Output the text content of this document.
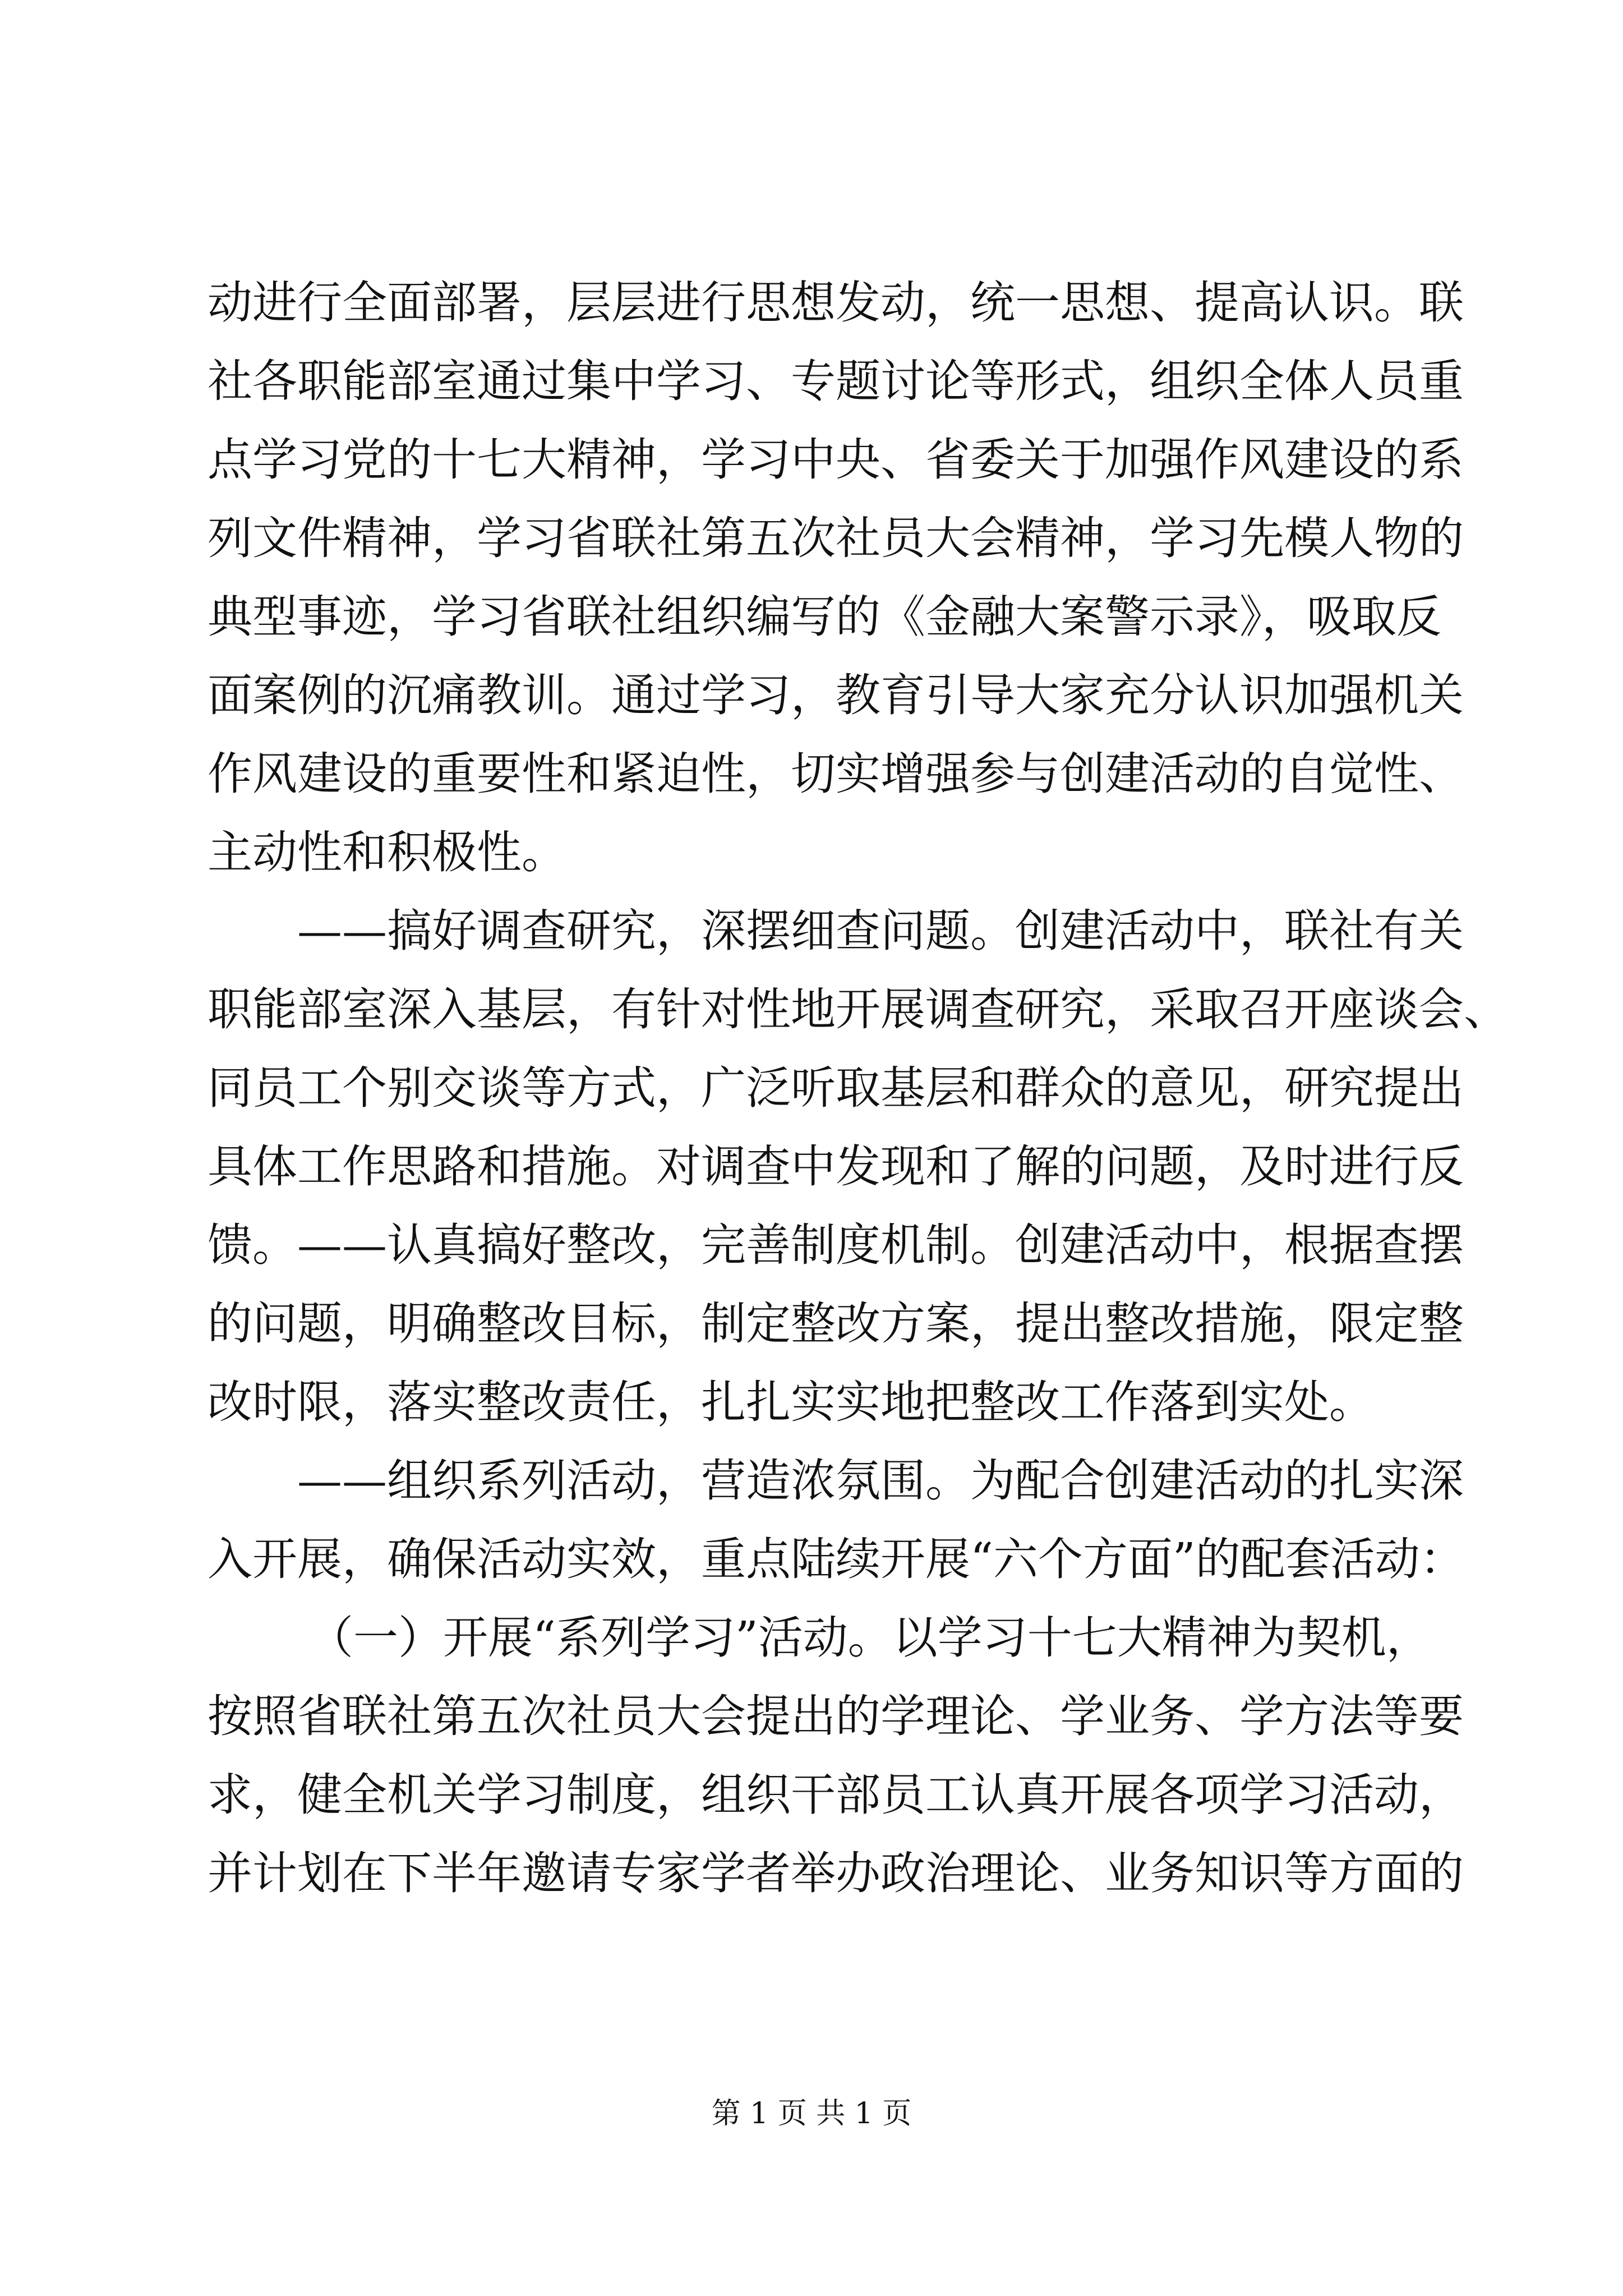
动进行全面部署，层层进行思想发动，统一思想、提高认识。联
社各职能部室通过集中学习、专题讨论等形式，组织全体人员重
点学习党的十七大精神，学习中央、省委关于加强作风建设的系
列文件精神，学习省联社第五次社员大会精神，学习先模人物的
典型事迹，学习省联社组织编写的《金融大案警示录》，吸取反
面案例的沉痛教训。通过学习，教育引导大家充分认识加强机关
作风建设的重要性和紧迫性，切实增强参与创建活动的自觉性、
主动性和积极性。
——搞好调查研究，深摆细查问题。创建活动中，联社有关
职能部室深入基层，有针对性地开展调查研究，采取召开座谈会、
同员工个别交谈等方式，广泛听取基层和群众的意见，研究提出
具体工作思路和措施。对调查中发现和了解的问题，及时进行反
馈。——认真搞好整改，完善制度机制。创建活动中，根据查摆
的问题，明确整改目标，制定整改方案，提出整改措施，限定整
改时限，落实整改责任，扎扎实实地把整改工作落到实处。
——组织系列活动，营造浓氛围。为配合创建活动的扎实深
入开展，确保活动实效，重点陆续开展“六个方面”的配套活动：
（一）开展“系列学习”活动。以学习十七大精神为契机，
按照省联社第五次社员大会提出的学理论、学业务、学方法等要
求，健全机关学习制度，组织干部员工认真开展各项学习活动，
并计划在下半年邀请专家学者举办政治理论、业务知识等方面的
第 1 页 共 1 页
